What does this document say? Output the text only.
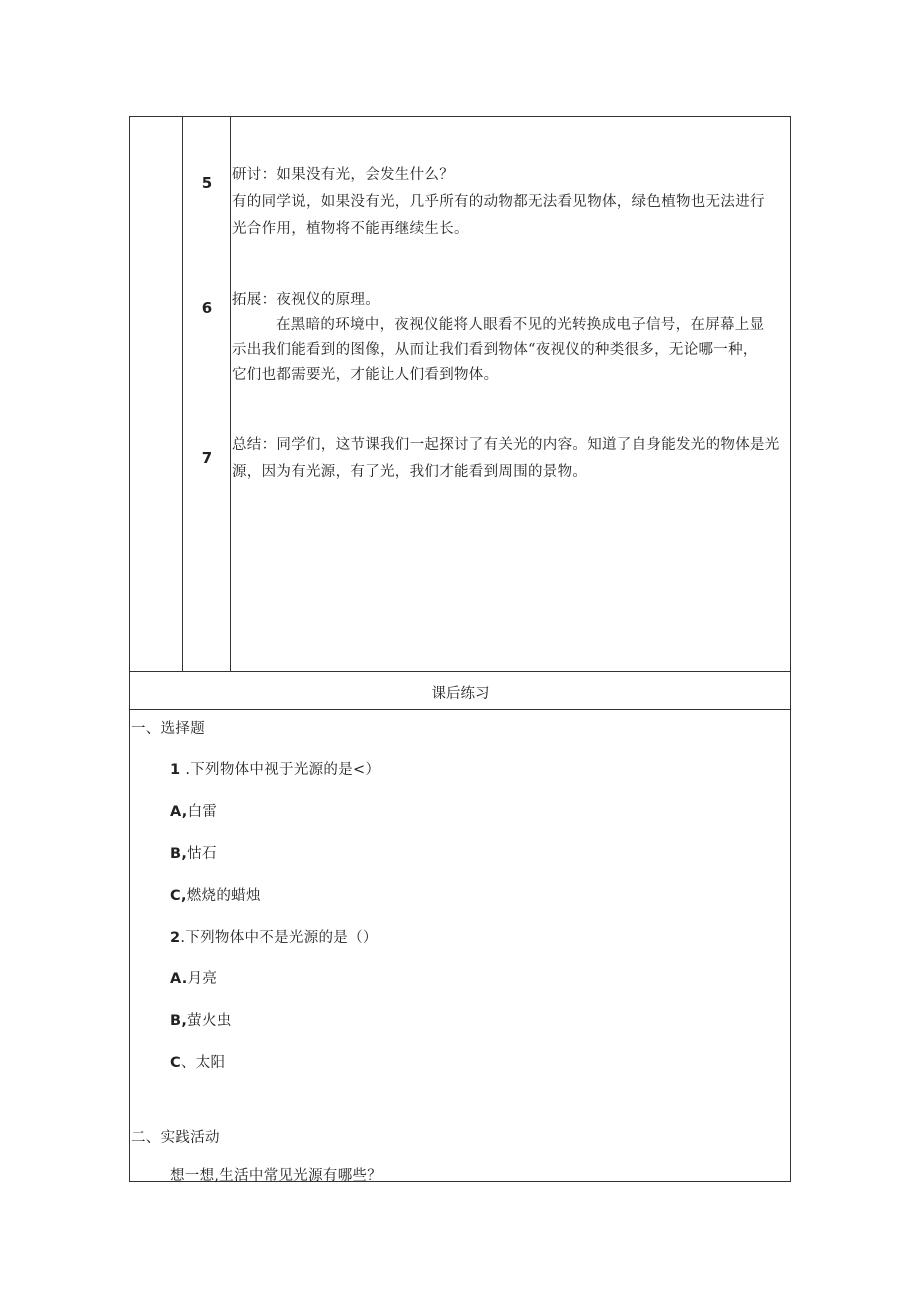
5	研讨：如果没有光，会发生什么？
有的同学说，如果没有光，几乎所有的动物都无法看见物体，绿色植物也无法进行
光合作用，植物将不能再继续生长。
6	拓展：夜视仪的原理。
在黑暗的环境中，夜视仪能将人眼看不见的光转换成电子信号，在屏幕上显
示出我们能看到的图像，从而让我们看到物体“夜视仪的种类很多，无论哪一种，
它们也都需要光，才能让人们看到物体。
7
总结：同学们，这节课我们一起探讨了有关光的内容。知道了自身能发光的物体是光
源，因为有光源，有了光，我们才能看到周围的景物。
课后练习
一、选择题
1 .下列物体中视于光源的是<）
A,白雷
B,怙石
C,燃烧的蜡烛
2.下列物体中不是光源的是（）
A.月亮
B,萤火虫
C、太阳
二、实践活动
想一想,生活中常见光源有哪些？
